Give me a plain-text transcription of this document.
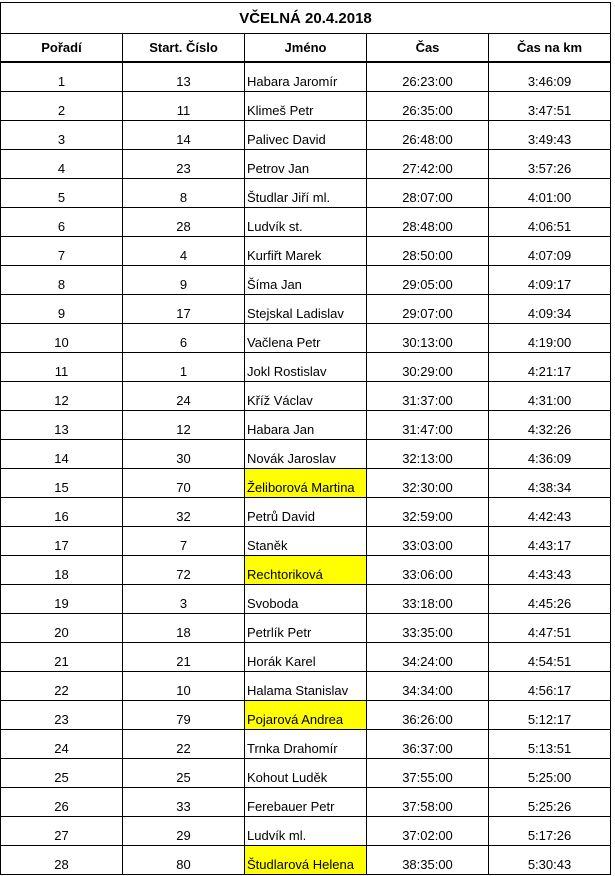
VČELNÁ 20.4.2018				
Pořadí	Start. Číslo	Jméno	Čas	Čas na km
1	13	Habara Jaromír	26:23:00	3:46:09
2	11	Klimeš Petr	26:35:00	3:47:51
3	14	Palivec David	26:48:00	3:49:43
4	23	Petrov Jan	27:42:00	3:57:26
5	8	Študlar Jiří ml.	28:07:00	4:01:00
6	28	Ludvík st.	28:48:00	4:06:51
7	4	Kurfiřt Marek	28:50:00	4:07:09
8	9	Šíma Jan	29:05:00	4:09:17
9	17	Stejskal Ladislav	29:07:00	4:09:34
10	6	Vačlena Petr	30:13:00	4:19:00
11	1	Jokl Rostislav	30:29:00	4:21:17
12	24	Kříž Václav	31:37:00	4:31:00
13	12	Habara Jan	31:47:00	4:32:26
14	30	Novák Jaroslav	32:13:00	4:36:09
15	70	Želiborová Martina	32:30:00	4:38:34
16	32	Petrů David	32:59:00	4:42:43
17	7	Staněk	33:03:00	4:43:17
18	72	Rechtoriková	33:06:00	4:43:43
19	3	Svoboda	33:18:00	4:45:26
20	18	Petrlík Petr	33:35:00	4:47:51
21	21	Horák Karel	34:24:00	4:54:51
22	10	Halama Stanislav	34:34:00	4:56:17
23	79	Pojarová Andrea	36:26:00	5:12:17
24	22	Trnka Drahomír	36:37:00	5:13:51
25	25	Kohout Luděk	37:55:00	5:25:00
26	33	Ferebauer Petr	37:58:00	5:25:26
27	29	Ludvík ml.	37:02:00	5:17:26
28	80	Študlarová Helena	38:35:00	5:30:43
